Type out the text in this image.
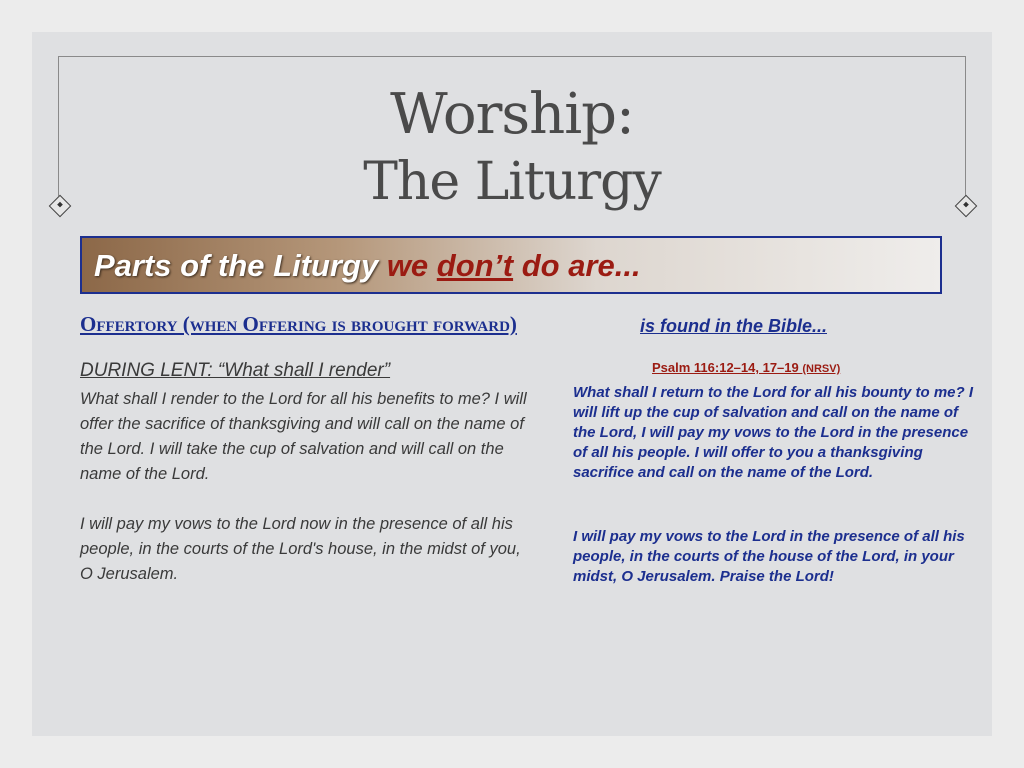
Worship:
The Liturgy
Parts of the Liturgy we don’t do are...
Offertory (when Offering is brought forward)	is found in the Bible...
DURING LENT: “What shall I render”
What shall I render to the Lord for all his benefits to me? I will offer the sacrifice of thanksgiving and will call on the name of the Lord. I will take the cup of salvation and will call on the name of the Lord.
I will pay my vows to the Lord now in the presence of all his people, in the courts of the Lord's house, in the midst of you, O Jerusalem.
Psalm 116:12–14, 17–19 (NRSV)
What shall I return to the Lord for all his bounty to me? I will lift up the cup of salvation and call on the name of the Lord, I will pay my vows to the Lord in the presence of all his people. I will offer to you a thanksgiving sacrifice and call on the name of the Lord.
I will pay my vows to the Lord in the presence of all his people, in the courts of the house of the Lord, in your midst, O Jerusalem. Praise the Lord!
